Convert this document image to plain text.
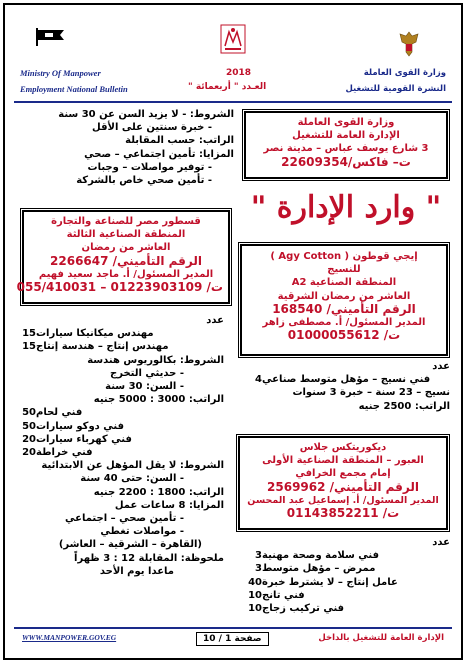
Ministry Of Manpower
Employment National Bulletin
2018
العـدد " أربعمائة "
وزارة القوى العاملة
النشرة القومية للتشغيل
وزارة القوى العاملة
الإدارة العامة للتشغيل
3 شارع يوسف عباس – مدينة نصر
ت– فاكس/22609354
" وارد الإدارة "
الشروط: - لا يزيد السن عن 30 سنة
- خبرة سنتين على الأقل
الراتب: حسب المقابلة
المزايا: تأمين اجتماعي – صحي
- توفير مواصلات – وجبات
- تأمين صحي خاص بالشركة
قسطور مصر للصناعة والتجارة
المنطقة الصناعية الثالثة
العاشر من رمضان
الرقم التأميني/ 2266647
المدير المسئول/ أ. ماجد سعيد فهيم
ت/ 01223903109 – 055/410031
عدد
15 مهندس ميكانيكا سيارات
15 مهندس إنتاج – هندسة إنتاج
الشروط: بكالوريوس هندسة
- حديثي التخرج
- السن: 30 سنة
الراتب: 3000 : 5000 جنيه
50 فني لحام
50 فني دوكو سيارات
20 فني كهرباء سيارات
20 فني خراطة
الشروط: لا يقل المؤهل عن الابتدائية
- السن: حتى 40 سنة
الراتب: 1800 : 2200 جنيه
المزايا: 8 ساعات عمل
- تأمين صحي – اجتماعي
- مواصلات تغطي
(القاهرة – الشرقية – العاشر)
ملحوظة: المقابلة 12 : 3 ظهراً
ماعدا يوم الأحد
إيجي قوطون ( Agy Cotton )
للنسيج
المنطقة الصناعية A2
العاشر من رمضان الشرقية
الرقم التأميني/ 168540
المدير المسئول/ أ. مصطفى زاهر
ت/ 01000055612
عدد
4 فني نسيج – مؤهل متوسط صناعي
نسيج – 23 سنة – خبرة 3 سنوات
الراتب: 2500 جنيه
ديكوريتكس جلاس
العبور – المنطقة الصناعية الأولى
إمام مجمع الخرافي
الرقم التأميني/ 2569962
المدير المسئول/ أ. إسماعيل عبد المحسن
ت/ 01143852211
عدد
3 فني سلامة وصحة مهنية
3 ممرض – مؤهل متوسط
40 عامل إنتاج – لا يشترط خبرة
10 فني تانج
10 فني تركيب زجاج
WWW.MANPOWER.GOV.EG	صفحة 1 / 10	الإدارة العامة للتشغيل بالداخل
